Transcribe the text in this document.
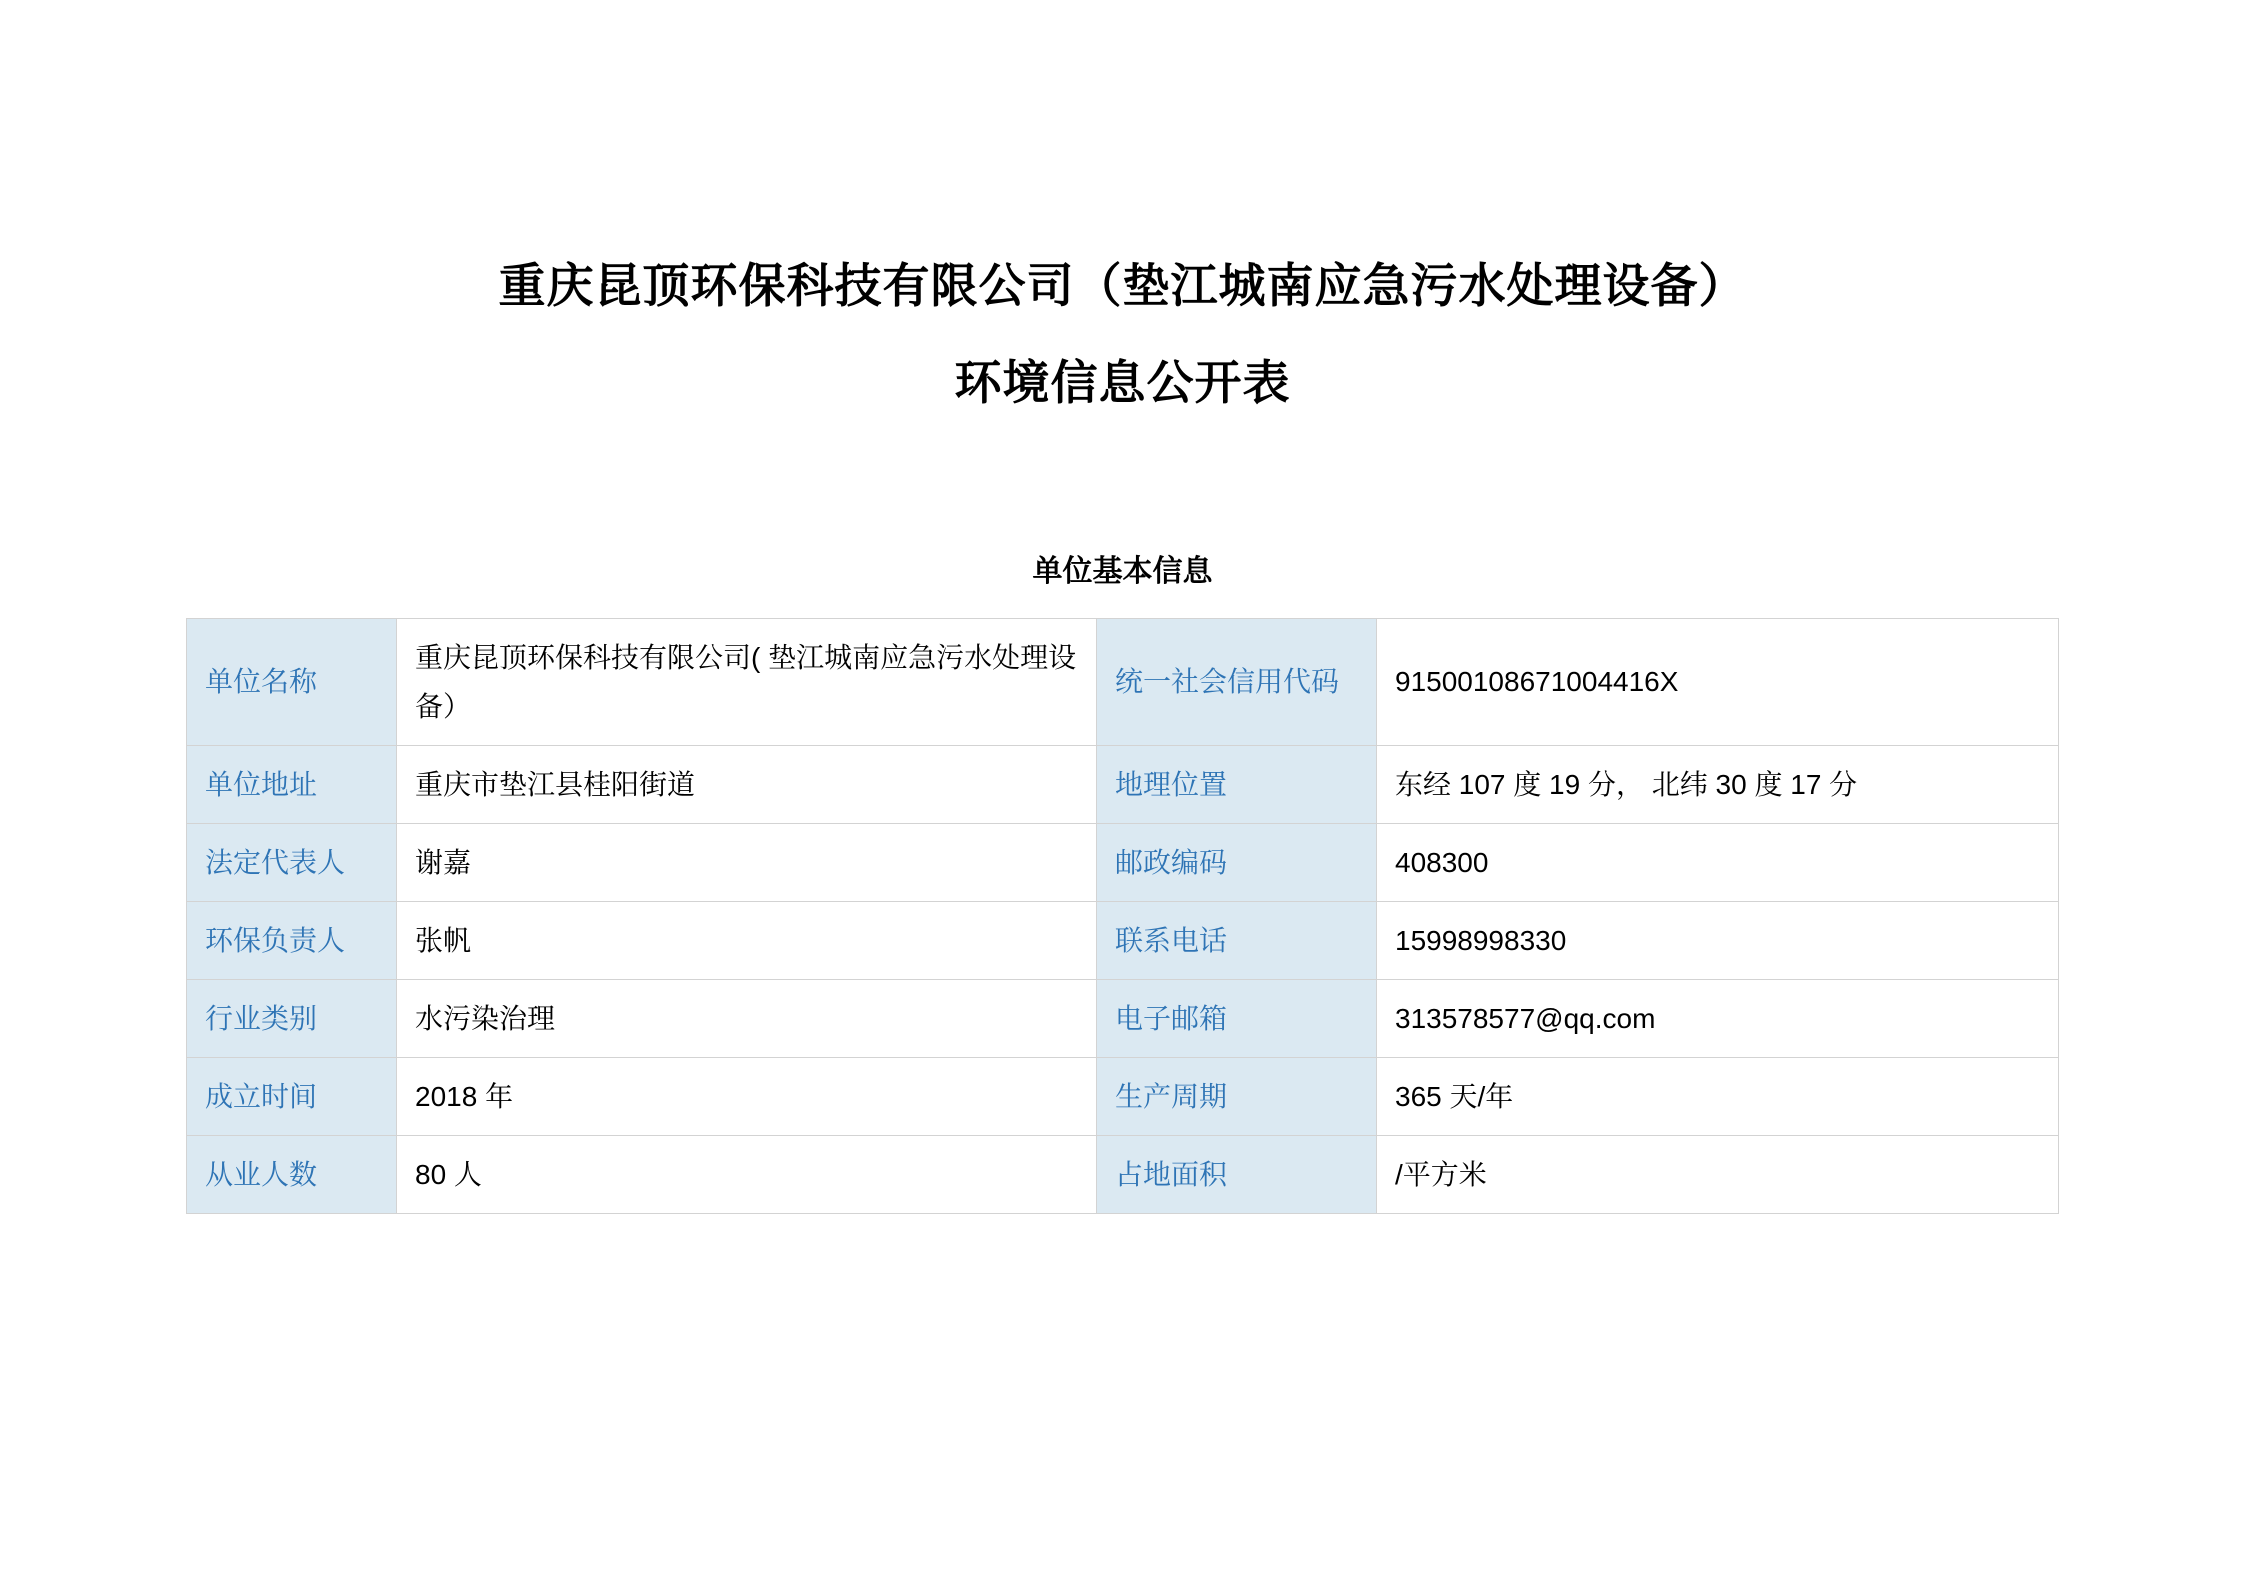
重庆昆顶环保科技有限公司（垫江城南应急污水处理设备）
环境信息公开表
单位基本信息
单位名称	重庆昆顶环保科技有限公司( 垫江城南应急污水处理设 备）	统一社会信用代码	91500108671004416X
单位地址	重庆市垫江县桂阳街道	地理位置	东经 107 度 19 分， 北纬 30 度 17 分
法定代表人	谢嘉	邮政编码	408300
环保负责人	张帆	联系电话	15998998330
行业类别	水污染治理	电子邮箱	313578577@qq.com
成立时间	2018 年	生产周期	365 天/年
从业人数	80 人	占地面积	/平方米
